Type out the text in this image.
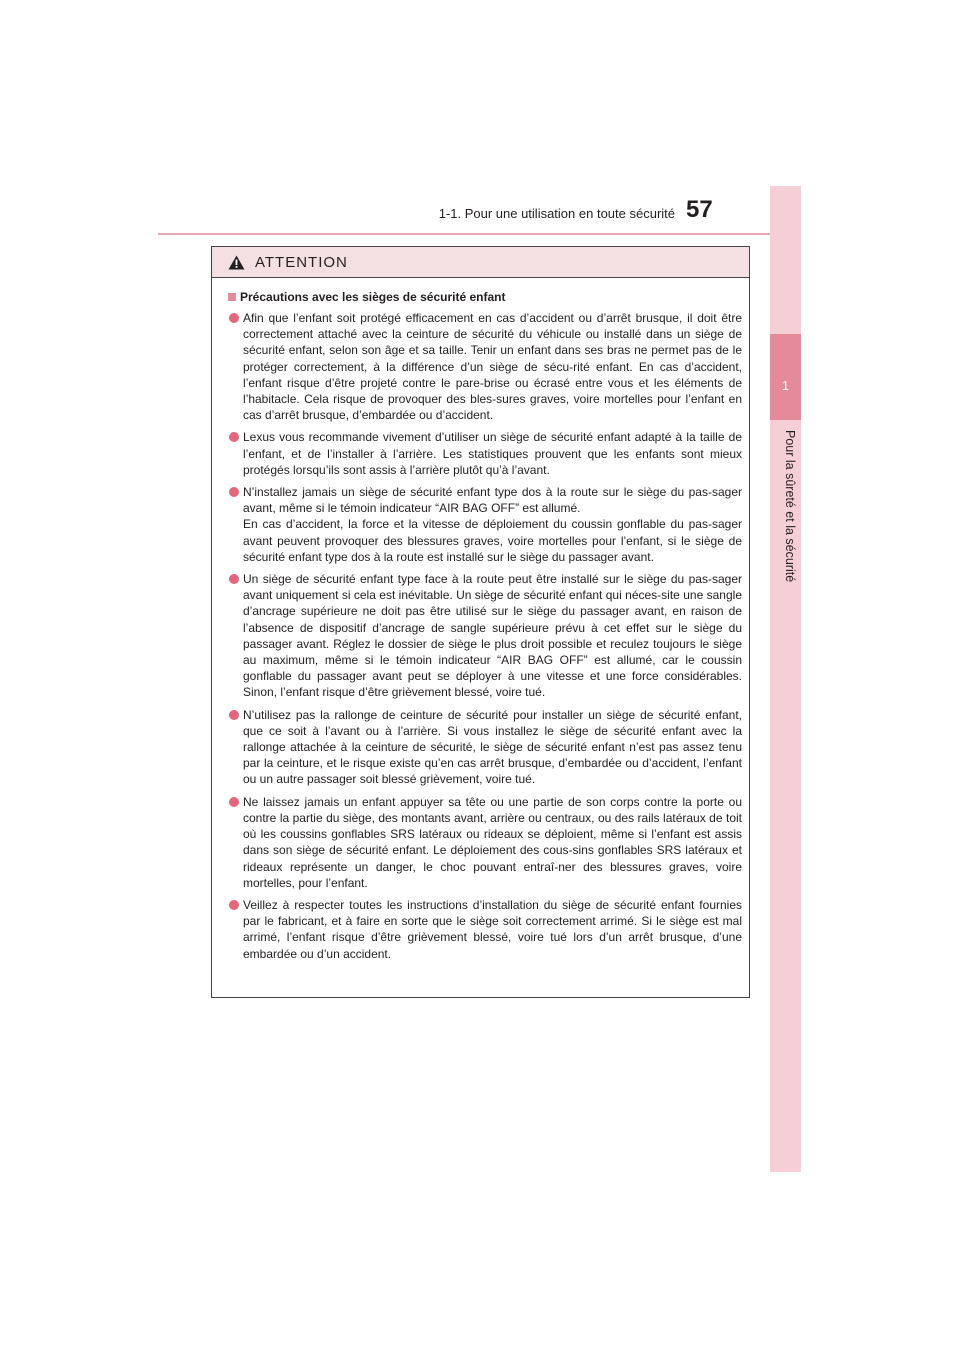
1-1. Pour une utilisation en toute sécurité 57
1
Pour la sûreté et la sécurité
ATTENTION
Précautions avec les sièges de sécurité enfant

Afin que l’enfant soit protégé efficacement en cas d’accident ou d’arrêt brusque, il doit être correctement attaché avec la ceinture de sécurité du véhicule ou installé dans un siège de sécurité enfant, selon son âge et sa taille. Tenir un enfant dans ses bras ne permet pas de le protéger correctement, à la différence d’un siège de sécu-rité enfant. En cas d’accident, l’enfant risque d’être projeté contre le pare-brise ou écrasé entre vous et les éléments de l’habitacle. Cela risque de provoquer des bles-sures graves, voire mortelles pour l’enfant en cas d’arrêt brusque, d’embardée ou d’accident.

Lexus vous recommande vivement d’utiliser un siège de sécurité enfant adapté à la taille de l’enfant, et de l’installer à l’arrière. Les statistiques prouvent que les enfants sont mieux protégés lorsqu’ils sont assis à l’arrière plutôt qu’à l’avant.

N’installez jamais un siège de sécurité enfant type dos à la route sur le siège du pas-sager avant, même si le témoin indicateur “AIR BAG OFF” est allumé.

En cas d’accident, la force et la vitesse de déploiement du coussin gonflable du pas-sager avant peuvent provoquer des blessures graves, voire mortelles pour l’enfant, si le siège de sécurité enfant type dos à la route est installé sur le siège du passager avant.

Un siège de sécurité enfant type face à la route peut être installé sur le siège du pas-sager avant uniquement si cela est inévitable. Un siège de sécurité enfant qui néces-site une sangle d’ancrage supérieure ne doit pas être utilisé sur le siège du passager avant, en raison de l’absence de dispositif d’ancrage de sangle supérieure prévu à cet effet sur le siège du passager avant. Réglez le dossier de siège le plus droit possible et reculez toujours le siège au maximum, même si le témoin indicateur “AIR BAG OFF” est allumé, car le coussin gonflable du passager avant peut se déployer à une vitesse et une force considérables. Sinon, l’enfant risque d’être grièvement blessé, voire tué.

N’utilisez pas la rallonge de ceinture de sécurité pour installer un siège de sécurité enfant, que ce soit à l’avant ou à l’arrière. Si vous installez le siège de sécurité enfant avec la rallonge attachée à la ceinture de sécurité, le siège de sécurité enfant n’est pas assez tenu par la ceinture, et le risque existe qu’en cas arrêt brusque, d’embardée ou d’accident, l’enfant ou un autre passager soit blessé grièvement, voire tué.

Ne laissez jamais un enfant appuyer sa tête ou une partie de son corps contre la porte ou contre la partie du siège, des montants avant, arrière ou centraux, ou des rails latéraux de toit où les coussins gonflables SRS latéraux ou rideaux se déploient, même si l’enfant est assis dans son siège de sécurité enfant. Le déploiement des cous-sins gonflables SRS latéraux et rideaux représente un danger, le choc pouvant entraî-ner des blessures graves, voire mortelles, pour l’enfant.

Veillez à respecter toutes les instructions d’installation du siège de sécurité enfant fournies par le fabricant, et à faire en sorte que le siège soit correctement arrimé. Si le siège est mal arrimé, l’enfant risque d’être grièvement blessé, voire tué lors d’un arrêt brusque, d’une embardée ou d’un accident.
